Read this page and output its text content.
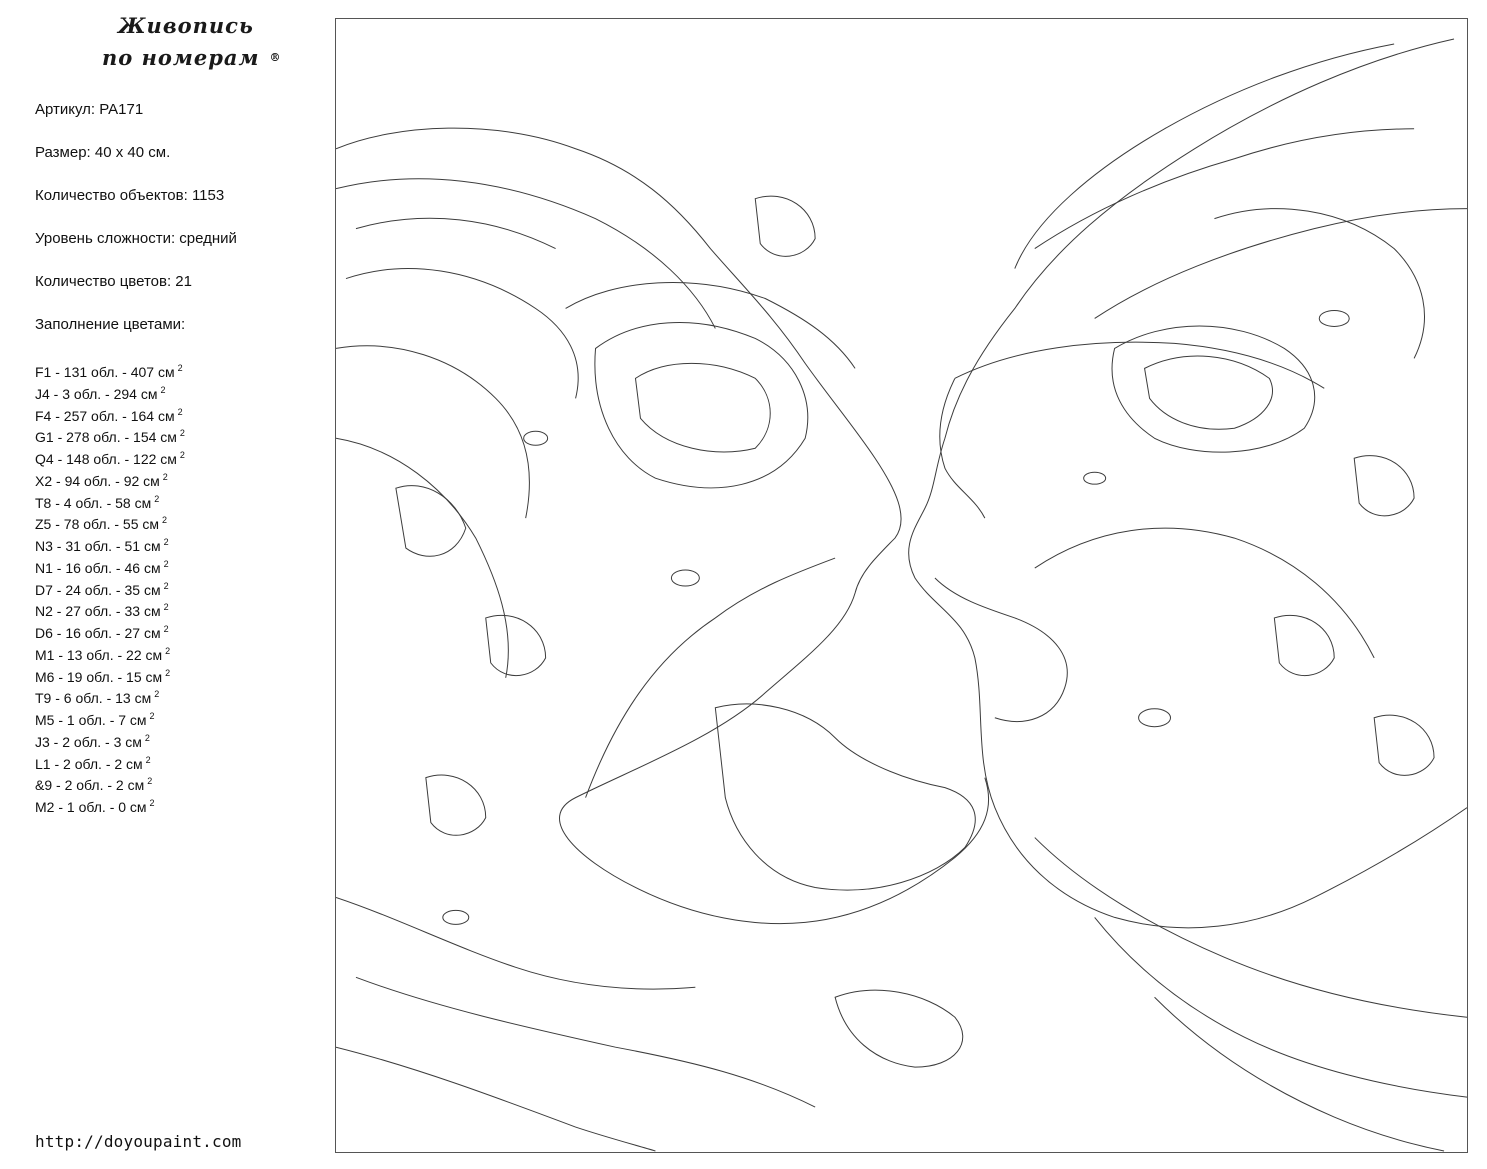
Живопись
по номерам ®
Артикул: PA171
Размер: 40 х 40 см.
Количество объектов: 1153
Уровень сложности: средний
Количество цветов: 21
Заполнение цветами:
F1 - 131 обл. - 407 см $^2$
J4 - 3 обл. - 294 см $^2$
F4 - 257 обл. - 164 см $^2$
G1 - 278 обл. - 154 см $^2$
Q4 - 148 обл. - 122 см $^2$
X2 - 94 обл. - 92 см $^2$
T8 - 4 обл. - 58 см $^2$
Z5 - 78 обл. - 55 см $^2$
N3 - 31 обл. - 51 см $^2$
N1 - 16 обл. - 46 см $^2$
D7 - 24 обл. - 35 см $^2$
N2 - 27 обл. - 33 см $^2$
D6 - 16 обл. - 27 см $^2$
M1 - 13 обл. - 22 см $^2$
M6 - 19 обл. - 15 см $^2$
T9 - 6 обл. - 13 см $^2$
M5 - 1 обл. - 7 см $^2$
J3 - 2 обл. - 3 см $^2$
L1 - 2 обл. - 2 см $^2$
&9 - 2 обл. - 2 см $^2$
M2 - 1 обл. - 0 см $^2$
http://doyoupaint.com
